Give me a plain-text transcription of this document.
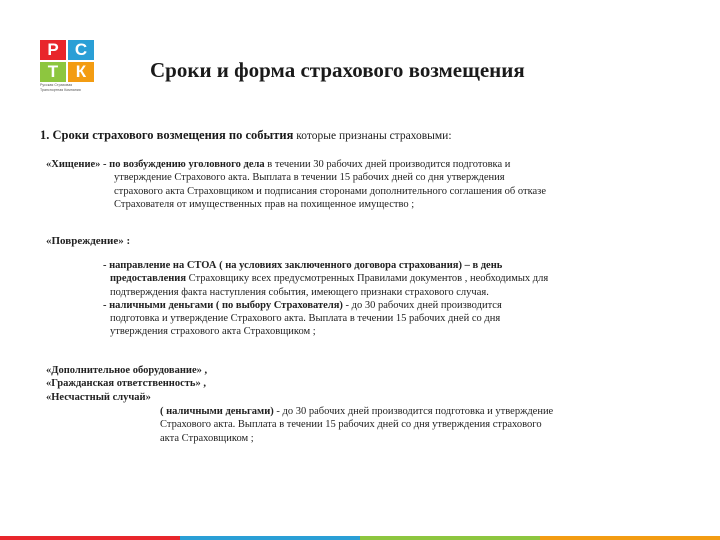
Р С
Т	К
Русская Страховая
Транспортная Компания
Сроки и форма страхового возмещения
1. Сроки страхового возмещения по события которые признаны страховыми:
«Хищение» - по возбуждению уголовного дела в течении 30 рабочих дней производится подготовка и
утверждение Страхового акта. Выплата в течении 15 рабочих дней со дня утверждения
страхового акта Страховщиком и подписания сторонами дополнительного соглашения об отказе
Страхователя от имущественных прав на похищенное имущество ;
«Повреждение» :
- направление на СТОА ( на условиях заключенного договора страхования) – в день
предоставления Страховщику всех предусмотренных Правилами документов , необходимых для
подтверждения факта наступления события, имеющего признаки страхового случая.
- наличными деньгами ( по выбору Страхователя) - до 30 рабочих дней производится
подготовка и утверждение Страхового акта. Выплата в течении 15 рабочих дней со дня
утверждения страхового акта Страховщиком ;
«Дополнительное оборудование» ,
«Гражданская ответственность» ,
«Несчастный случай»
( наличными деньгами) - до 30 рабочих дней производится подготовка и утверждение
Страхового акта. Выплата в течении 15 рабочих дней со дня утверждения страхового
акта Страховщиком ;
